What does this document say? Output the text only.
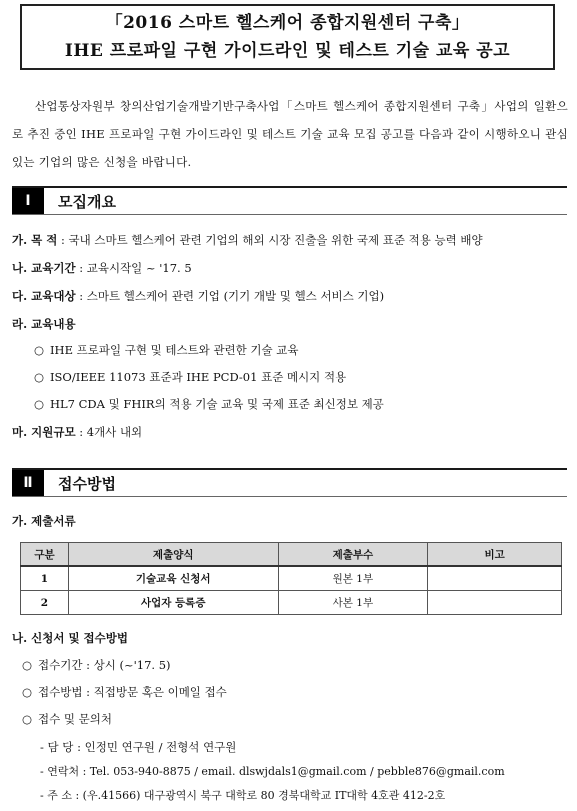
「2016 스마트 헬스케어 종합지원센터 구축」
IHE 프로파일 구현 가이드라인 및 테스트 기술 교육 공고
산업통상자원부 창의산업기술개발기반구축사업「스마트 헬스케어 종합지원센터 구축」사업의 일환으로 추진 중인 IHE 프로파일 구현 가이드라인 및 테스트 기술 교육 모집 공고를 다음과 같이 시행하오니 관심 있는 기업의 많은 신청을 바랍니다.
Ⅰ	모집개요
가. 목 적 : 국내 스마트 헬스케어 관련 기업의 해외 시장 진출을 위한 국제 표준 적용 능력 배양
나. 교육기간 : 교육시작일 ~ '17. 5
다. 교육대상 : 스마트 헬스케어 관련 기업 (기기 개발 및 헬스 서비스 기업)
라. 교육내용
○ IHE 프로파일 구현 및 테스트와 관련한 기술 교육
○ ISO/IEEE 11073 표준과 IHE PCD-01 표준 메시지 적용
○ HL7 CDA 및 FHIR의 적용 기술 교육 및 국제 표준 최신정보 제공
마. 지원규모 : 4개사 내외
Ⅱ	접수방법
가. 제출서류
구분	제출양식	제출부수	비고
1	기술교육 신청서	원본 1부	
2	사업자 등록증	사본 1부	
나. 신청서 및 접수방법
○ 접수기간 : 상시 (~'17. 5)
○ 접수방법 : 직접방문 혹은 이메일 접수
○ 접수 및 문의처
- 담 당 : 인정민 연구원 / 전형석 연구원
- 연락처 : Tel. 053-940-8875 / email. dlswjdals1@gmail.com / pebble876@gmail.com
- 주 소 : (우.41566) 대구광역시 북구 대학로 80 경북대학교 IT대학 4호관 412-2호
